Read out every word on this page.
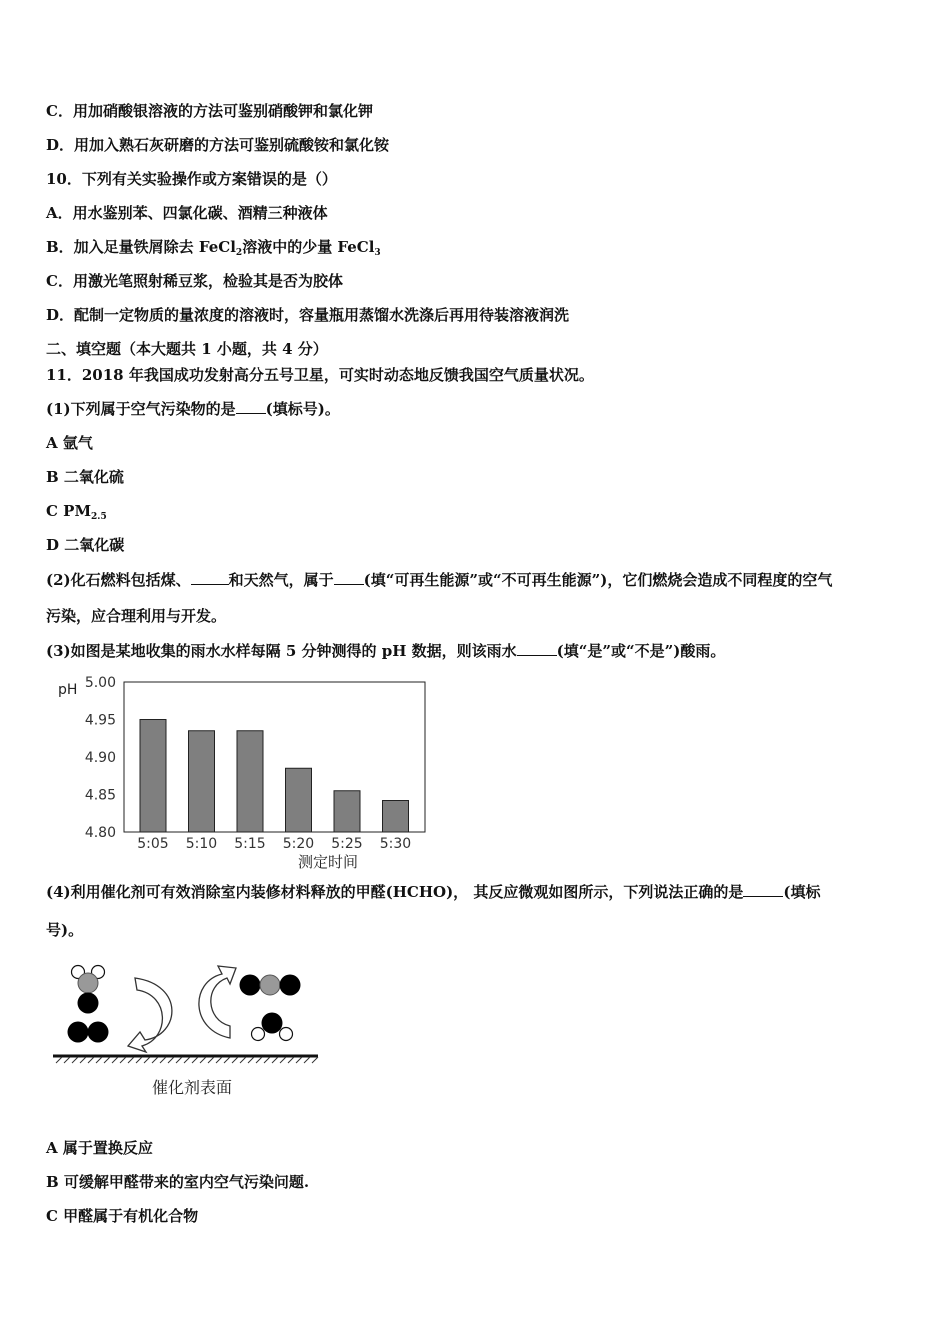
C．用加硝酸银溶液的方法可鉴别硝酸钾和氯化钾
D．用加入熟石灰研磨的方法可鉴别硫酸铵和氯化铵
10．下列有关实验操作或方案错误的是（）
A．用水鉴别苯、四氯化碳、酒精三种液体
B．加入足量铁屑除去 FeCl$_2$溶液中的少量 FeCl$_3$
C．用激光笔照射稀豆浆，检验其是否为胶体
D．配制一定物质的量浓度的溶液时，容量瓶用蒸馏水洗涤后再用待装溶液润洗
二、填空题（本大题共 1 小题，共 4 分）
11．2018 年我国成功发射高分五号卫星，可实时动态地反馈我国空气质量状况。
(1)下列属于空气污染物的是 (填标号)。
A 氩气
B 二氧化硫
C $PM_{2.5}$
D 二氧化碳
(2)化石燃料包括煤、	和天然气，属于 (填“可再生能源”或“不可再生能源”)，它们燃烧会造成不同程度的空气
污染，应合理利用与开发。
(3)如图是某地收集的雨水水样每隔 5 分钟测得的 pH 数据，则该雨水	(填“是”或“不是”)酸雨。
pH 5.00
4.95
4.90
4.85
4.80
5:05 5:10 5:15 5:20 5:25 5:30
测定时间
(4)利用催化剂可有效消除室内装修材料释放的甲醛(HCHO)， 其反应微观如图所示，下列说法正确的是	(填标
号)。
催化剂表面
A 属于置换反应
B 可缓解甲醛带来的室内空气污染问题.
C 甲醛属于有机化合物
